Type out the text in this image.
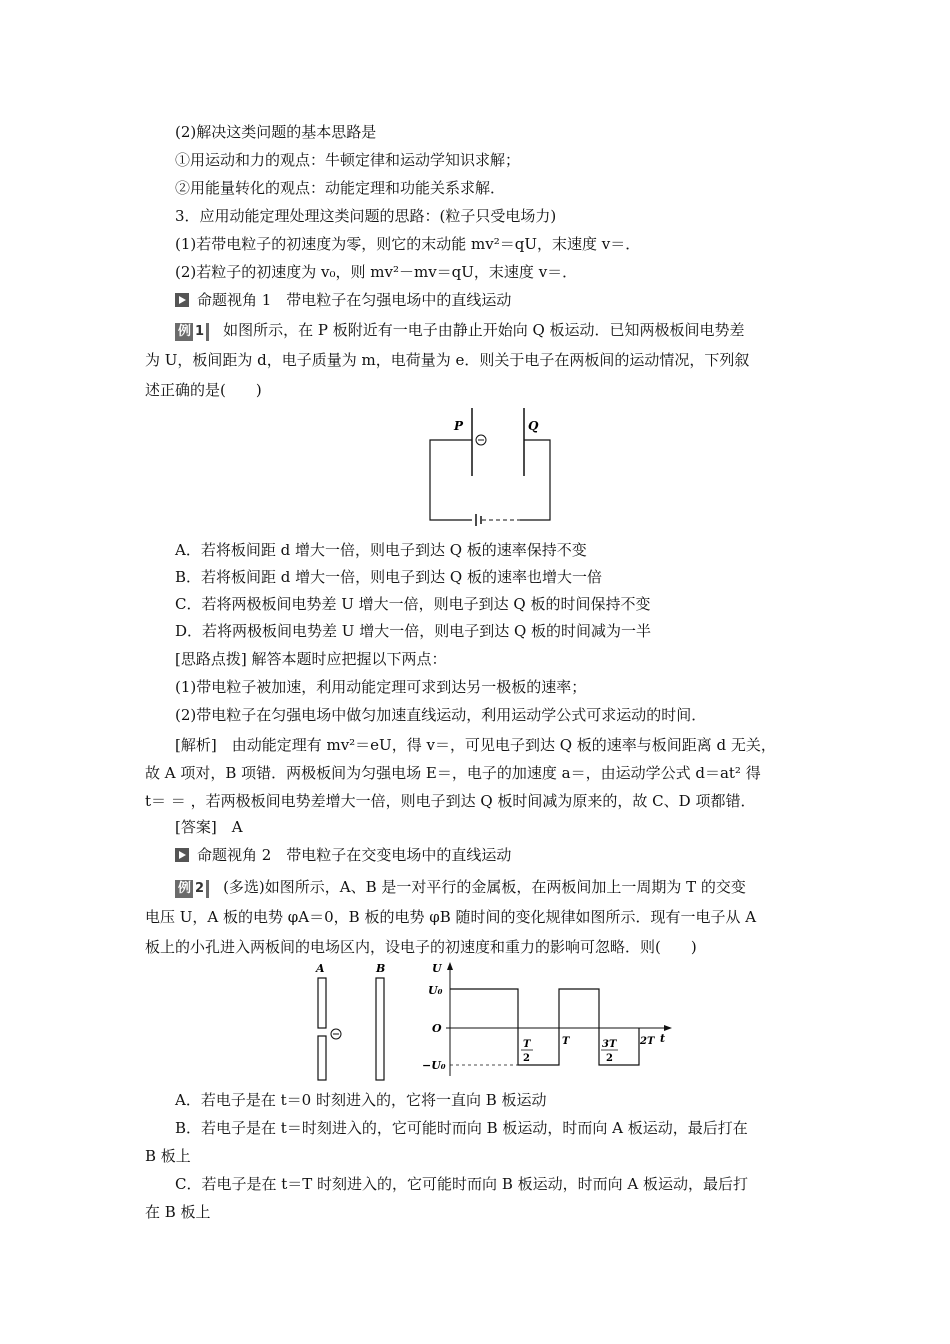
(2)解决这类问题的基本思路是
①用运动和力的观点：牛顿定律和运动学知识求解；
②用能量转化的观点：动能定理和功能关系求解．
3．应用动能定理处理这类问题的思路：(粒子只受电场力)
(1)若带电粒子的初速度为零，则它的末动能 mv²＝qU，末速度 v＝．
(2)若粒子的初速度为 v₀，则 mv²－mv＝qU，末速度 v＝．
命题视角 1　带电粒子在匀强电场中的直线运动
例 1 如图所示，在 P 板附近有一电子由静止开始向 Q 板运动．已知两极板间电势差
为 U，板间距为 d，电子质量为 m，电荷量为 e．则关于电子在两板间的运动情况，下列叙
述正确的是(　　)
P	Q
A．若将板间距 d 增大一倍，则电子到达 Q 板的速率保持不变
B．若将板间距 d 增大一倍，则电子到达 Q 板的速率也增大一倍
C．若将两极板间电势差 U 增大一倍，则电子到达 Q 板的时间保持不变
D．若将两极板间电势差 U 增大一倍，则电子到达 Q 板的时间减为一半
[思路点拨] 解答本题时应把握以下两点：
(1)带电粒子被加速，利用动能定理可求到达另一极板的速率；
(2)带电粒子在匀强电场中做匀加速直线运动，利用运动学公式可求运动的时间．
[解析]　由动能定理有 mv²＝eU，得 v＝，可见电子到达 Q 板的速率与板间距离 d 无关，
故 A 项对，B 项错．两极板间为匀强电场 E＝，电子的加速度 a＝，由运动学公式 d＝at² 得
t＝ ＝ ，若两极板间电势差增大一倍，则电子到达 Q 板时间减为原来的，故 C、D 项都错．
[答案]　A
命题视角 2　带电粒子在交变电场中的直线运动
例 2 (多选)如图所示，A、B 是一对平行的金属板，在两板间加上一周期为 T 的交变
电压 U，A 板的电势 φA＝0，B 板的电势 φB 随时间的变化规律如图所示．现有一电子从 A
板上的小孔进入两板间的电场区内，设电子的初速度和重力的影响可忽略．则(　　)
A	B	U
U₀
O
−U₀
t
T
2
T	3T
2
2T
A．若电子是在 t＝0 时刻进入的，它将一直向 B 板运动
B．若电子是在 t＝时刻进入的，它可能时而向 B 板运动，时而向 A 板运动，最后打在
B 板上
C．若电子是在 t＝T 时刻进入的，它可能时而向 B 板运动，时而向 A 板运动，最后打
在 B 板上
